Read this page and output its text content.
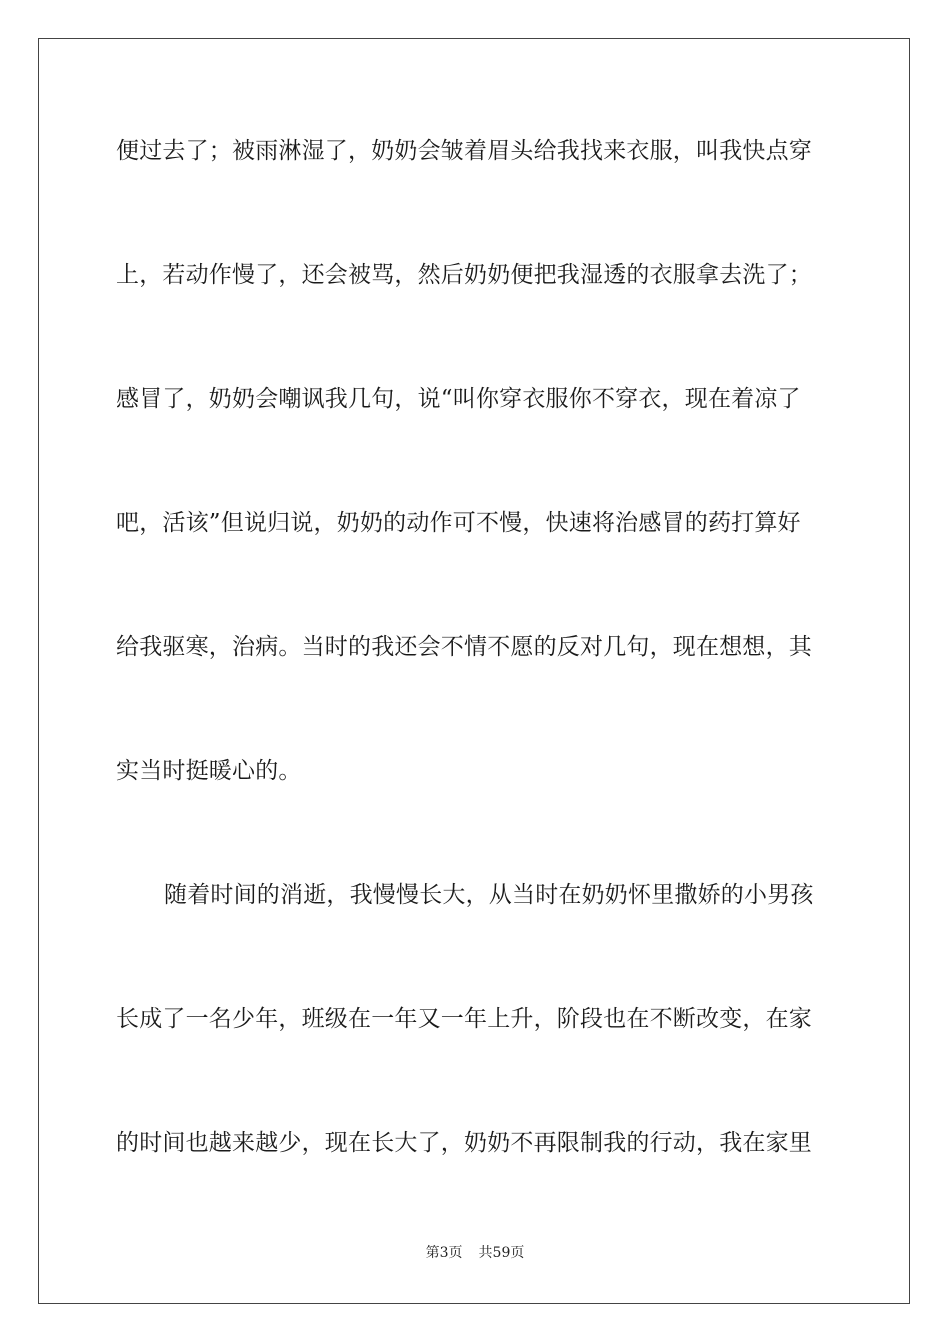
便过去了；被雨淋湿了，奶奶会皱着眉头给我找来衣服，叫我快点穿
上，若动作慢了，还会被骂，然后奶奶便把我湿透的衣服拿去洗了；
感冒了，奶奶会嘲讽我几句，说“叫你穿衣服你不穿衣，现在着凉了
吧，活该”但说归说，奶奶的动作可不慢，快速将治感冒的药打算好
给我驱寒，治病。当时的我还会不情不愿的反对几句，现在想想，其
实当时挺暖心的。
随着时间的消逝，我慢慢长大，从当时在奶奶怀里撒娇的小男孩
长成了一名少年，班级在一年又一年上升，阶段也在不断改变，在家
的时间也越来越少，现在长大了，奶奶不再限制我的行动，我在家里
第3页 共59页
